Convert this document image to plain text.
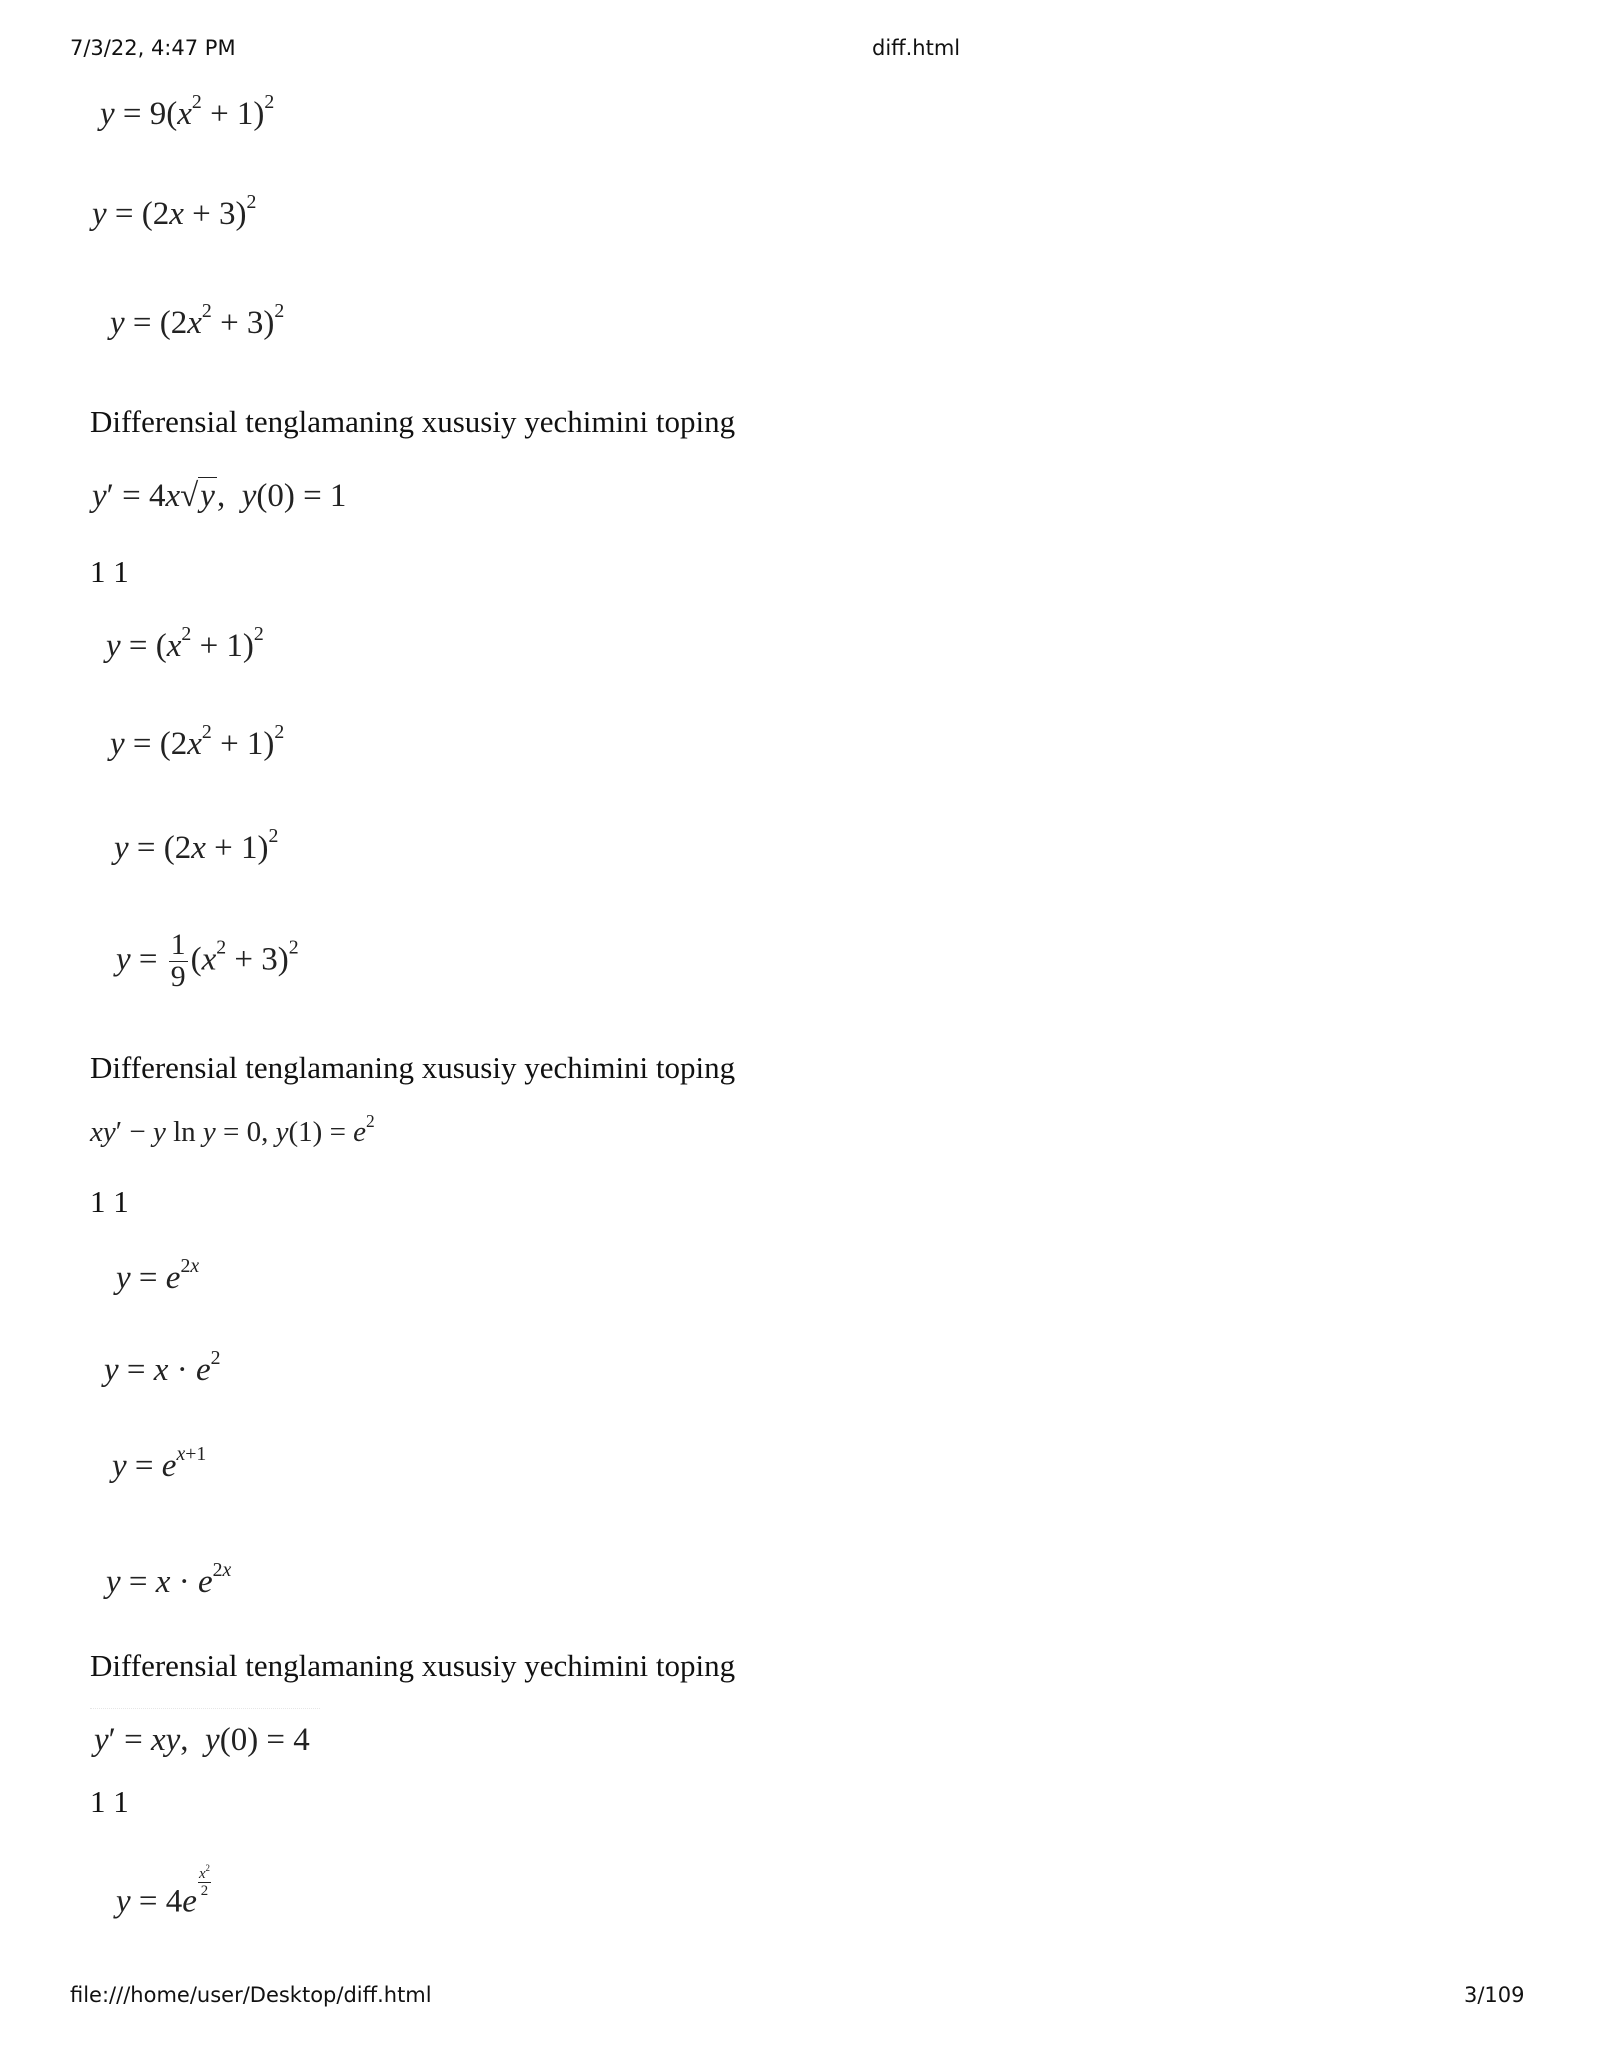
7/3/22, 4:47 PM	diff.html
$y = 9(x^2 + 1)^2$
$y = (2x + 3)^2$
$y = (2x^2 + 3)^2$
Differensial tenglamaning xususiy yechimini toping
y′ = 4x√y,  y(0) = 1
1 1
$y = (x^2 + 1)^2$
$y = (2x^2 + 1)^2$
$y = (2x + 1)^2$
$y = \frac{1}{9} (x^2 + 3)^2$
Differensial tenglamaning xususiy yechimini toping
xy′ − y ln y = 0, $y(1) = e^2$
1 1
$y = e^{2x}$
$y = x \cdot e^2$
$y = e^{x+1}$
$y = x \cdot e^{2x}$
Differensial tenglamaning xususiy yechimini toping
y′ = xy,  y(0) = 4
1 1
y = 4e
$\frac{x^2}{2}$
file:///home/user/Desktop/diff.html	3/109
